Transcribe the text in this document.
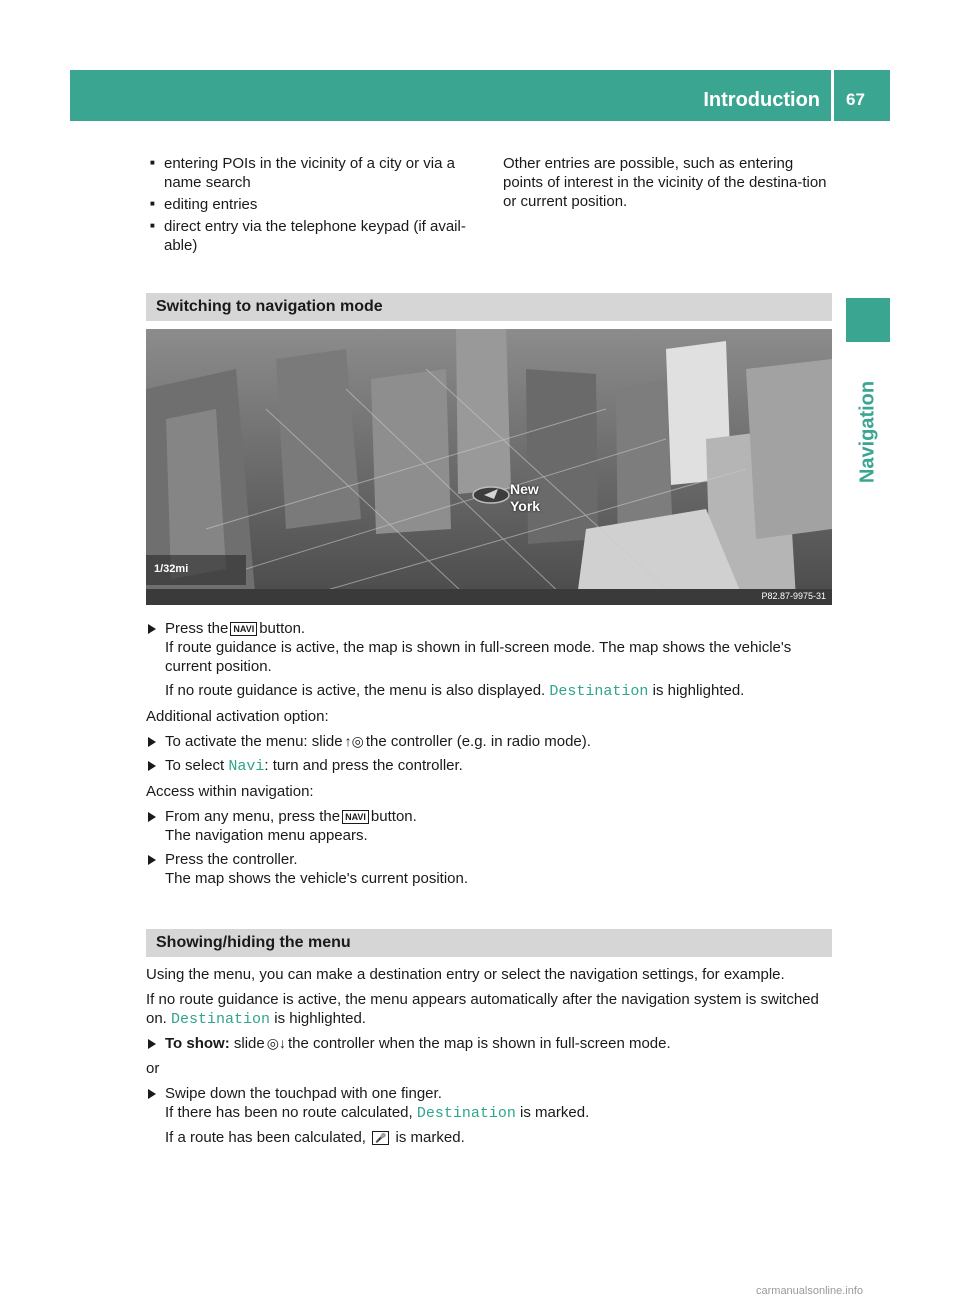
Introduction 67
Navigation
■ entering POIs in the vicinity of a city or via a name search
■ editing entries
■ direct entry via the telephone keypad (if avail-able)
Other entries are possible, such as entering points of interest in the vicinity of the destina-tion or current position.
Switching to navigation mode
New
York
1/32mi
P82.87-9975-31
Press the NAVI button.
If route guidance is active, the map is shown in full-screen mode. The map shows the vehicle's current position.
If no route guidance is active, the menu is also displayed. Destination is highlighted.
Additional activation option:
To activate the menu: slide ↑◎ the controller (e.g. in radio mode).
To select Navi: turn and press the controller.
Access within navigation:
From any menu, press the NAVI button.
The navigation menu appears.
Press the controller.
The map shows the vehicle's current position.
Showing/hiding the menu
Using the menu, you can make a destination entry or select the navigation settings, for example.
If no route guidance is active, the menu appears automatically after the navigation system is switched on. Destination is highlighted.
To show: slide ◎↓ the controller when the map is shown in full-screen mode.
or
Swipe down the touchpad with one finger.
If there has been no route calculated, Destination is marked.
If a route has been calculated, 🎤 is marked.
carmanualsonline.info
